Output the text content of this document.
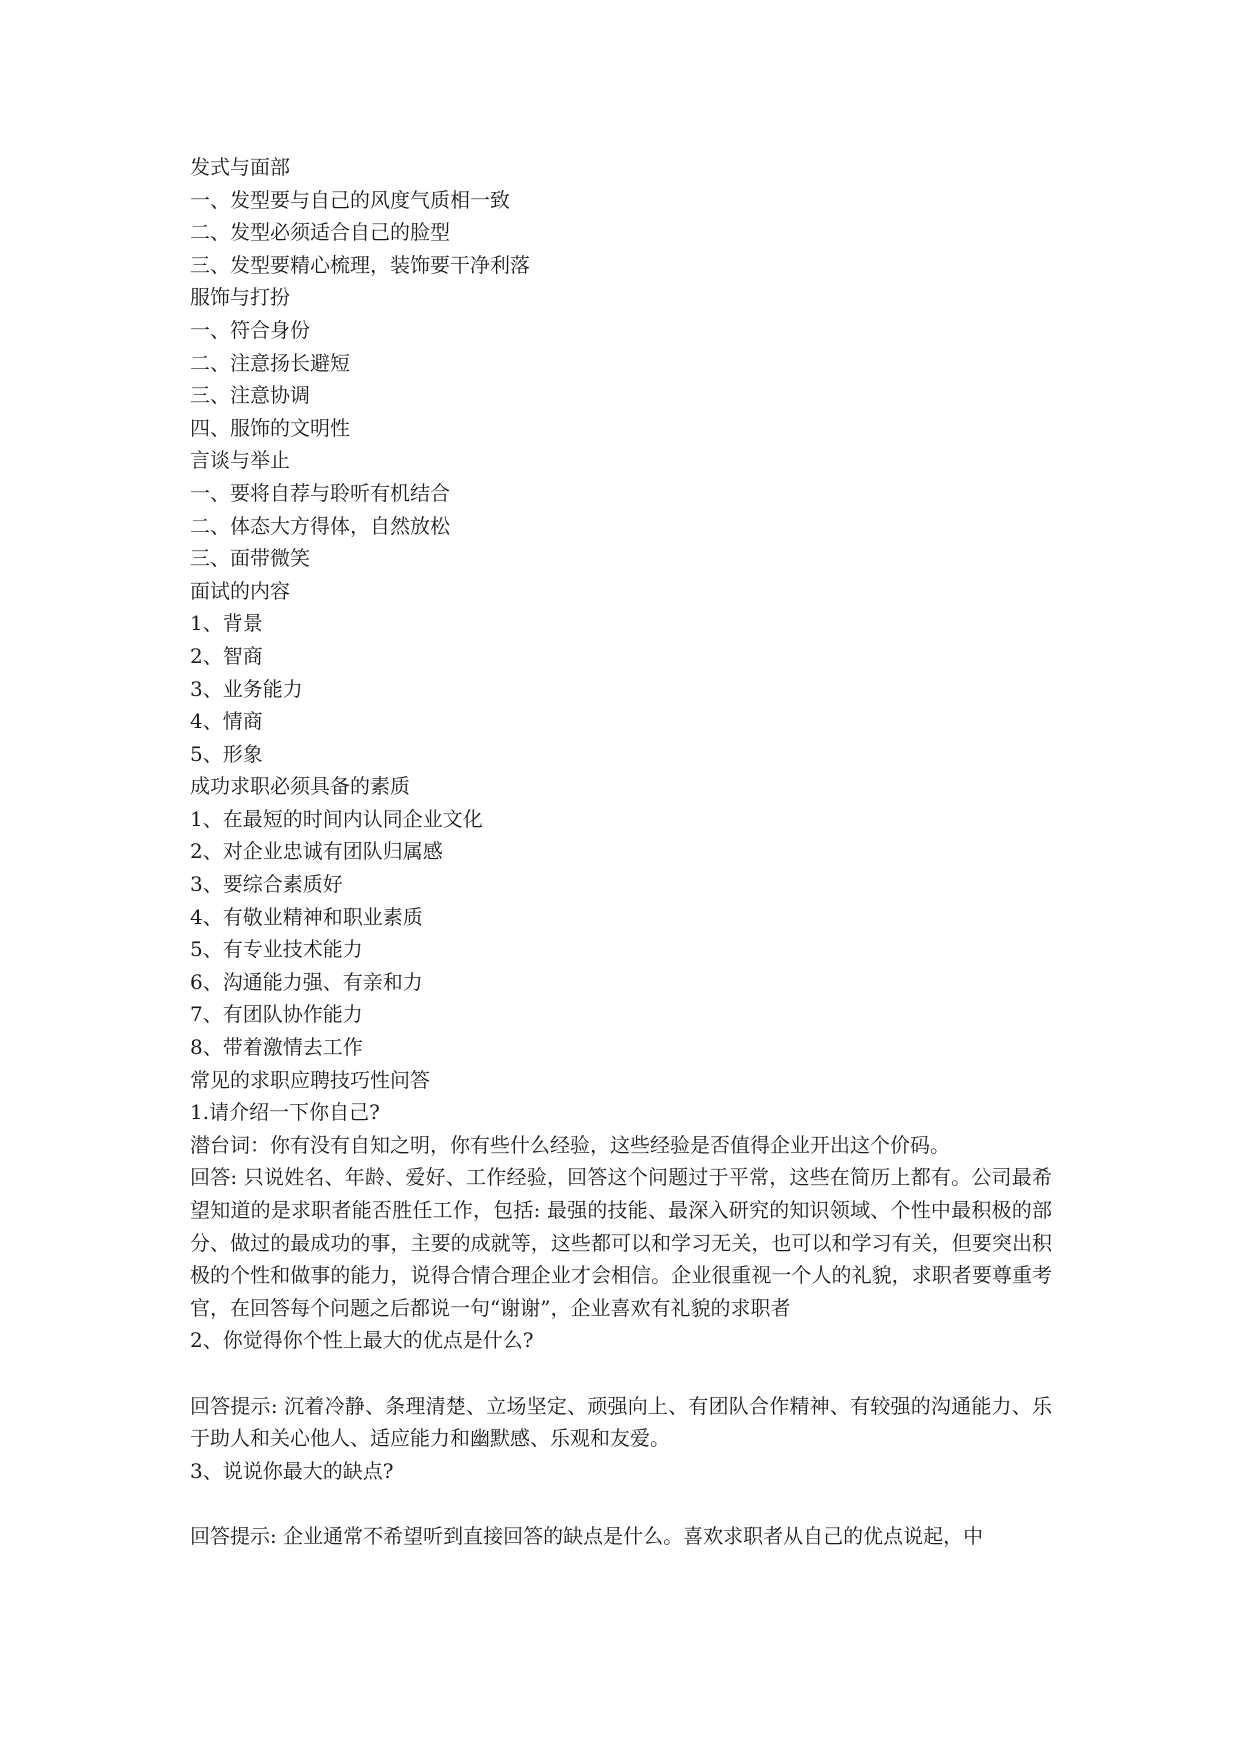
发式与面部

一、发型要与自己的风度气质相一致

二、发型必须适合自己的脸型

三、发型要精心梳理，装饰要干净利落

服饰与打扮

一、符合身份

二、注意扬长避短

三、注意协调

四、服饰的文明性

言谈与举止

一、要将自荐与聆听有机结合

二、体态大方得体，自然放松

三、面带微笑

面试的内容

1、背景

2、智商

3、业务能力

4、情商

5、形象

成功求职必须具备的素质

1、在最短的时间内认同企业文化

2、对企业忠诚有团队归属感

3、要综合素质好

4、有敬业精神和职业素质

5、有专业技术能力

6、沟通能力强、有亲和力

7、有团队协作能力

8、带着激情去工作

常见的求职应聘技巧性问答

1.请介绍一下你自己?

潜台词：你有没有自知之明，你有些什么经验，这些经验是否值得企业开出这个价码。

回答: 只说姓名、年龄、爱好、工作经验，回答这个问题过于平常，这些在简历上都有。公司最希望知道的是求职者能否胜任工作，包括: 最强的技能、最深入研究的知识领域、个性中最积极的部分、做过的最成功的事，主要的成就等，这些都可以和学习无关，也可以和学习有关，但要突出积极的个性和做事的能力，说得合情合理企业才会相信。企业很重视一个人的礼貌，求职者要尊重考官，在回答每个问题之后都说一句“谢谢”，企业喜欢有礼貌的求职者

2、你觉得你个性上最大的优点是什么?

回答提示: 沉着冷静、条理清楚、立场坚定、顽强向上、有团队合作精神、有较强的沟通能力、乐于助人和关心他人、适应能力和幽默感、乐观和友爱。

3、说说你最大的缺点?

回答提示: 企业通常不希望听到直接回答的缺点是什么。喜欢求职者从自己的优点说起，中
